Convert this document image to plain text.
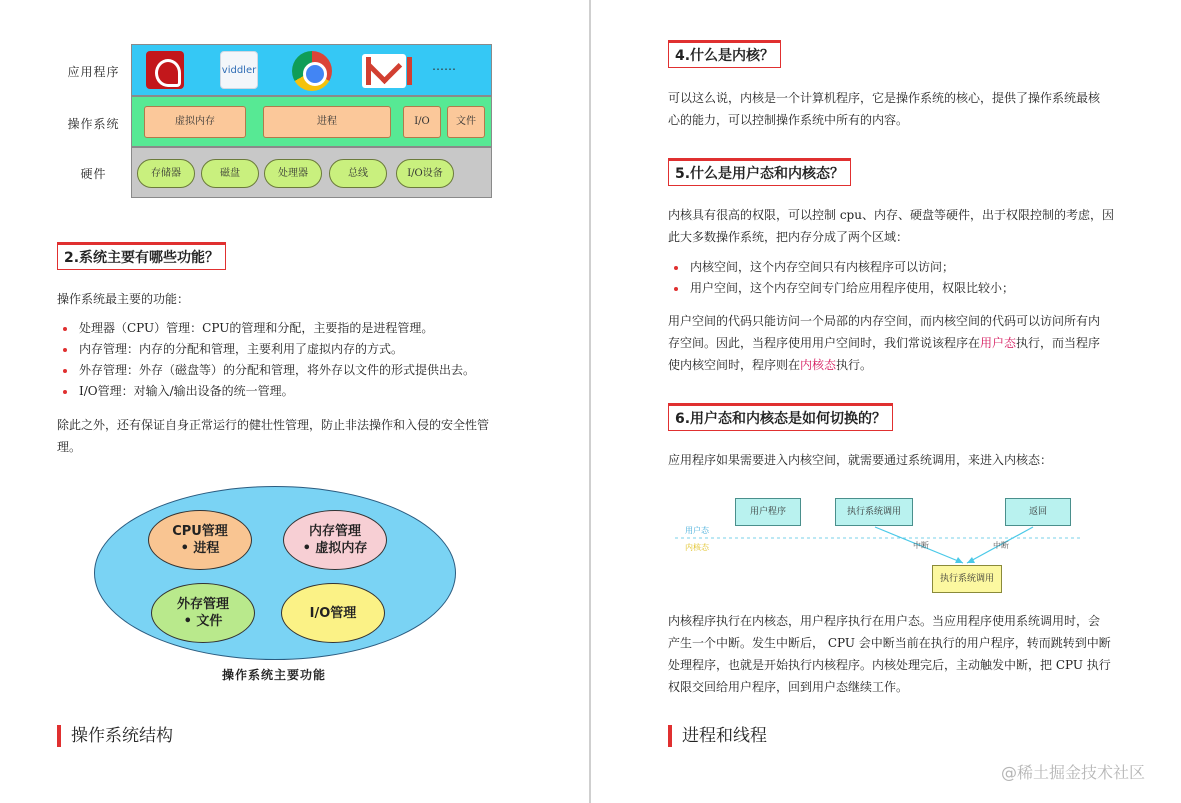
应用程序
操作系统
硬件
viddler	……
虚拟内存	进程	I/O	文件
存储器	磁盘	处理器	总线	I/O设备
2.系统主要有哪些功能？
操作系统最主要的功能：
处理器（CPU）管理：CPU的管理和分配，主要指的是进程管理。
内存管理：内存的分配和管理，主要利用了虚拟内存的方式。
外存管理：外存（磁盘等）的分配和管理，将外存以文件的形式提供出去。
I/O管理：对输入/输出设备的统一管理。
除此之外，还有保证自身正常运行的健壮性管理，防止非法操作和入侵的安全性管
理。
CPU管理
• 进程
内存管理
• 虚拟内存
外存管理
• 文件
I/O管理
操作系统主要功能
操作系统结构
4.什么是内核？
可以这么说，内核是一个计算机程序，它是操作系统的核心，提供了操作系统最核
心的能力，可以控制操作系统中所有的内容。
5.什么是用户态和内核态？
内核具有很高的权限，可以控制 cpu、内存、硬盘等硬件，出于权限控制的考虑，因
此大多数操作系统，把内存分成了两个区域：
内核空间，这个内存空间只有内核程序可以访问；
用户空间，这个内存空间专门给应用程序使用，权限比较小；
用户空间的代码只能访问一个局部的内存空间，而内核空间的代码可以访问所有内
存空间。因此，当程序使用用户空间时，我们常说该程序在用户态执行，而当程序
使内核空间时，程序则在内核态执行。
6.用户态和内核态是如何切换的？
应用程序如果需要进入内核空间，就需要通过系统调用，来进入内核态：
用户程序	执行系统调用	返回
执行系统调用
用户态
内核态	中断	中断
内核程序执行在内核态，用户程序执行在用户态。当应用程序使用系统调用时，会
产生一个中断。发生中断后， CPU 会中断当前在执行的用户程序，转而跳转到中断
处理程序，也就是开始执行内核程序。内核处理完后，主动触发中断，把 CPU 执行
权限交回给用户程序，回到用户态继续工作。
进程和线程
@稀土掘金技术社区
